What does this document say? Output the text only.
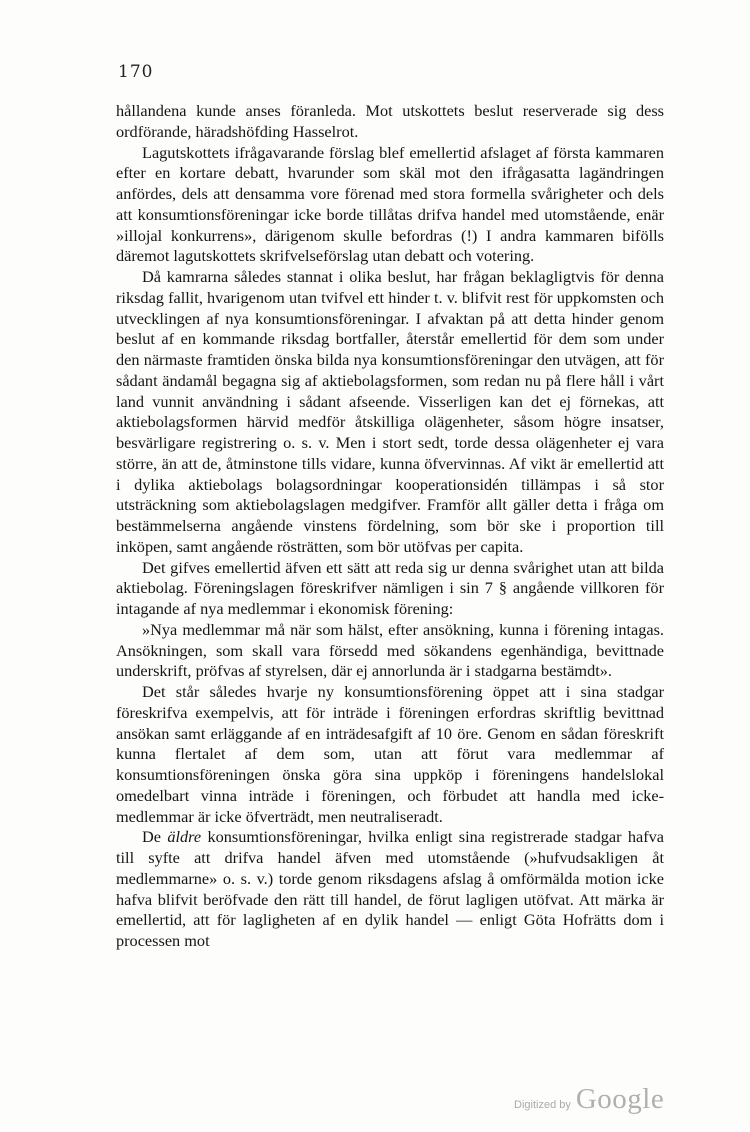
170

hållandena kunde anses föranleda. Mot utskottets beslut reserverade sig dess ordförande, häradshöfding Hasselrot.

Lagutskottets ifrågavarande förslag blef emellertid afslaget af första kammaren efter en kortare debatt, hvarunder som skäl mot den ifrågasatta lagändringen anfördes, dels att densamma vore förenad med stora formella svårigheter och dels att konsumtionsföreningar icke borde tillåtas drifva handel med utomstående, enär »illojal konkurrens», därigenom skulle befordras (!) I andra kammaren bifölls däremot lagutskottets skrifvelseförslag utan debatt och votering.

Då kamrarna således stannat i olika beslut, har frågan beklagligtvis för denna riksdag fallit, hvarigenom utan tvifvel ett hinder t. v. blifvit rest för uppkomsten och utvecklingen af nya konsumtionsföreningar. I afvaktan på att detta hinder genom beslut af en kommande riksdag bortfaller, återstår emellertid för dem som under den närmaste framtiden önska bilda nya konsumtionsföreningar den utvägen, att för sådant ändamål begagna sig af aktiebolagsformen, som redan nu på flere håll i vårt land vunnit användning i sådant afseende. Visserligen kan det ej förnekas, att aktiebolagsformen härvid medför åtskilliga olägenheter, såsom högre insatser, besvärligare registrering o. s. v. Men i stort sedt, torde dessa olägenheter ej vara större, än att de, åtminstone tills vidare, kunna öfvervinnas. Af vikt är emellertid att i dylika aktiebolags bolagsordningar kooperationsidén tillämpas i så stor utsträckning som aktiebolagslagen medgifver. Framför allt gäller detta i fråga om bestämmelserna angående vinstens fördelning, som bör ske i proportion till inköpen, samt angående rösträtten, som bör utöfvas per capita.

Det gifves emellertid äfven ett sätt att reda sig ur denna svårighet utan att bilda aktiebolag. Föreningslagen föreskrifver nämligen i sin 7 § angående villkoren för intagande af nya medlemmar i ekonomisk förening:

»Nya medlemmar må när som hälst, efter ansökning, kunna i förening intagas. Ansökningen, som skall vara försedd med sökandens egenhändiga, bevittnade underskrift, pröfvas af styrelsen, där ej annorlunda är i stadgarna bestämdt».

Det står således hvarje ny konsumtionsförening öppet att i sina stadgar föreskrifva exempelvis, att för inträde i föreningen erfordras skriftlig bevittnad ansökan samt erläggande af en inträdesafgift af 10 öre. Genom en sådan föreskrift kunna flertalet af dem som, utan att förut vara medlemmar af konsumtionsföreningen önska göra sina uppköp i föreningens handelslokal omedelbart vinna inträde i föreningen, och förbudet att handla med icke-medlemmar är icke öfverträdt, men neutraliseradt.

De äldre konsumtionsföreningar, hvilka enligt sina registrerade stadgar hafva till syfte att drifva handel äfven med utomstående (»hufvudsakligen åt medlemmarne» o. s. v.) torde genom riksdagens afslag å omförmälda motion icke hafva blifvit beröfvade den rätt till handel, de förut lagligen utöfvat. Att märka är emellertid, att för lagligheten af en dylik handel — enligt Göta Hofrätts dom i processen mot

Digitized by Google
